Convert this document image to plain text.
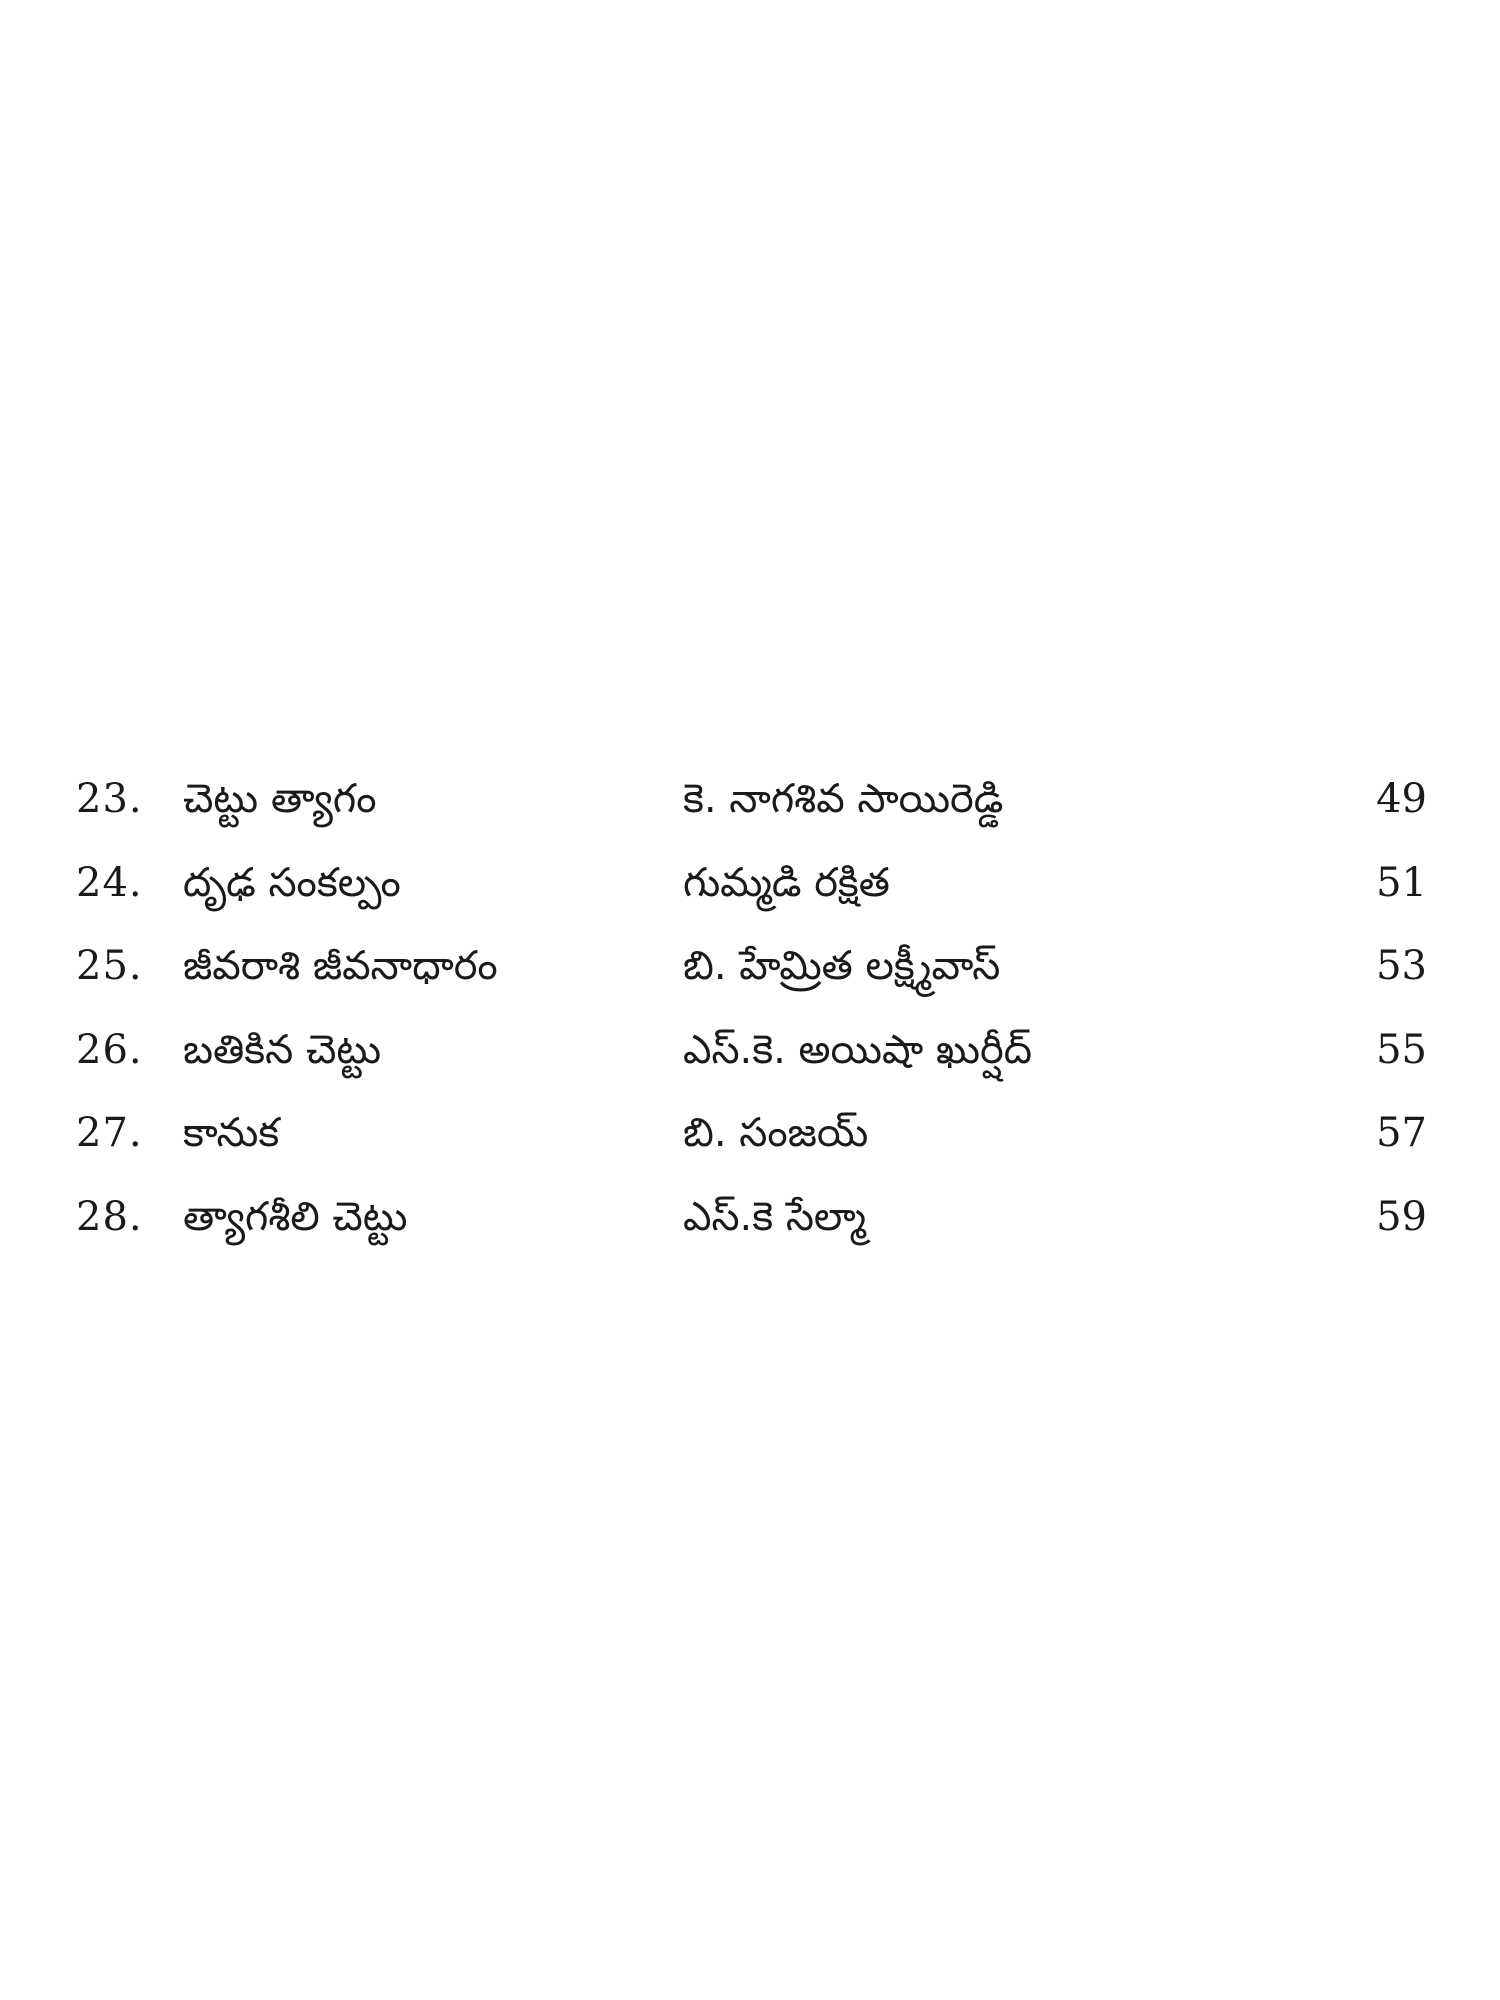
23. చెట్టు త్యాగం	కె. నాగశివ సాయిరెడ్డి	49
24. దృఢ సంకల్పం	గుమ్మడి రక్షిత	51
25. జీవరాశి జీవనాధారం	బి. హేమ్రిత లక్ష్మీవాస్	53
26. బతికిన చెట్టు	ఎస్.కె. అయిషా ఖుర్షీద్	55
27. కానుక	బి. సంజయ్	57
28. త్యాగశీలి చెట్టు	ఎస్.కె సేల్మా	59
